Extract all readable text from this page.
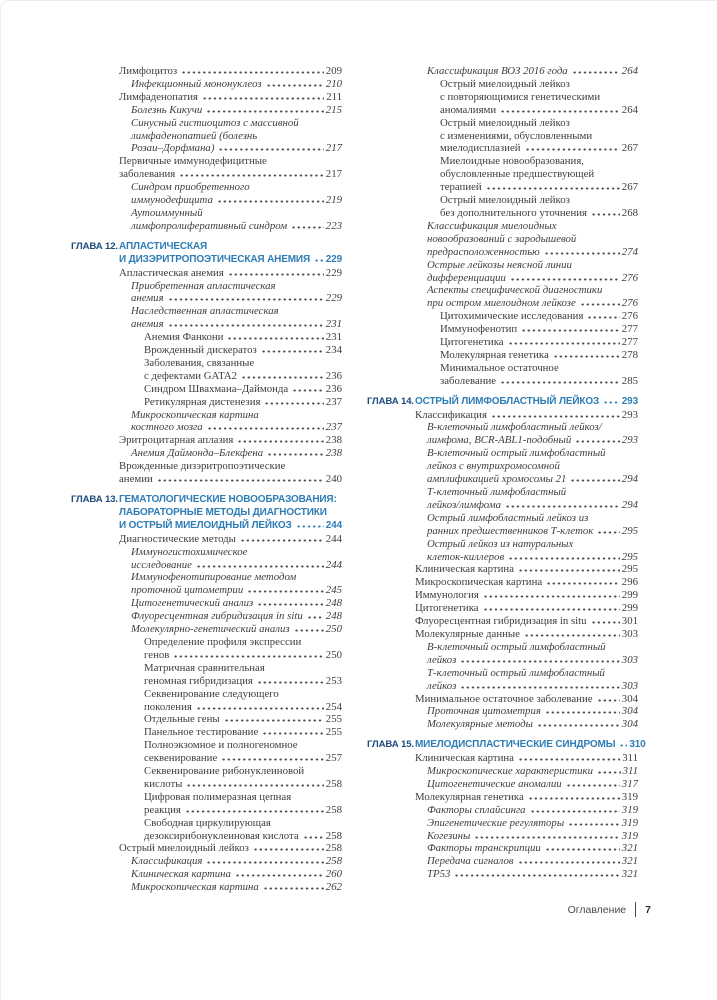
Лимфоцитоз	209
Инфекционный мононуклеоз	210
Лимфаденопатия	211
Болезнь Кикучи	215
Синусный гистиоцитоз с массивной
лимфаденопатией (болезнь
Розаи–Дорфмана)	217
Первичные иммунодефицитные
заболевания	217
Синдром приобретенного
иммунодефицита	219
Аутоиммунный
лимфопролиферативный синдром	223
ГЛАВА 12. АПЛАСТИЧЕСКАЯ
И ДИЗЭРИТРОПОЭТИЧЕСКАЯ АНЕМИЯ 229
Апластическая анемия	229
Приобретенная апластическая
анемия	229
Наследственная апластическая
анемия	231
Анемия Фанкони	231
Врожденный дискератоз	234
Заболевания, связанные
с дефектами GATA2	236
Синдром Швахмана–Даймонда	236
Ретикулярная дистенезия	237
Микроскопическая картина
костного мозга	237
Эритроцитарная аплазия	238
Анемия Даймонда–Блекфена	238
Врожденные дизэритропоэтические
анемии	240
ГЛАВА 13. ГЕМАТОЛОГИЧЕСКИЕ НОВООБРАЗОВАНИЯ:
ЛАБОРАТОРНЫЕ МЕТОДЫ ДИАГНОСТИКИ
И ОСТРЫЙ МИЕЛОИДНЫЙ ЛЕЙКОЗ	244
Диагностические методы	244
Иммуногистохимическое
исследование	244
Иммунофенотипирование методом
проточной цитометрии	245
Цитогенетический анализ	248
Флуоресцентная гибридизация in situ 248
Молекулярно-генетический анализ	250
Определение профиля экспрессии
генов	250
Матричная сравнительная
геномная гибридизация	253
Секвенирование следующего
поколения	254
Отдельные гены	255
Панельное тестирование	255
Полноэкзомное и полногеномное
секвенирование	257
Секвенирование рибонуклеиновой
кислоты	258
Цифровая полимеразная цепная
реакция	258
Свободная циркулирующая
дезоксирибонуклеиновая кислота	258
Острый миелоидный лейкоз	258
Классификация	258
Клиническая картина	260
Микроскопическая картина	262
Классификация ВОЗ 2016 года	264
Острый миелоидный лейкоз
с повторяющимися генетическими
аномалиями	264
Острый миелоидный лейкоз
с изменениями, обусловленными
миелодисплазией	267
Миелоидные новообразования,
обусловленные предшествующей
терапией	267
Острый миелоидный лейкоз
без дополнительного уточнения	268
Классификация миелоидных
новообразований с зародышевой
предрасположенностью	274
Острые лейкозы неясной линии
дифференциации	276
Аспекты специфической диагностики
при остром миелоидном лейкозе	276
Цитохимические исследования	276
Иммунофенотип	277
Цитогенетика	277
Молекулярная генетика	278
Минимальное остаточное
заболевание	285
ГЛАВА 14. ОСТРЫЙ ЛИМФОБЛАСТНЫЙ ЛЕЙКОЗ 293
Классификация	293
В-клеточный лимфобластный лейкоз/
лимфома, BCR-ABL1-подобный	293
В-клеточный острый лимфобластный
лейкоз с внутрихромосомной
амплификацией хромосомы 21	294
Т-клеточный лимфобластный
лейкоз/лимфома	294
Острый лимфобластный лейкоз из
ранних предшественников Т-клеток	295
Острый лейкоз из натуральных
клеток-киллеров	295
Клиническая картина	295
Микроскопическая картина	296
Иммунология	299
Цитогенетика	299
Флуоресцентная гибридизация in situ	301
Молекулярные данные	303
В-клеточный острый лимфобластный
лейкоз	303
Т-клеточный острый лимфобластный
лейкоз	303
Минимальное остаточное заболевание	304
Проточная цитометрия	304
Молекулярные методы	304
ГЛАВА 15. МИЕЛОДИСПЛАСТИЧЕСКИЕ СИНДРОМЫ 310
Клиническая картина	311
Микроскопические характеристики	311
Цитогенетические аномалии	317
Молекулярная генетика	319
Факторы сплайсинга	319
Эпигенетические регуляторы	319
Когезины	319
Факторы транскрипции	321
Передача сигналов	321
TP53	321
Оглавление 7
